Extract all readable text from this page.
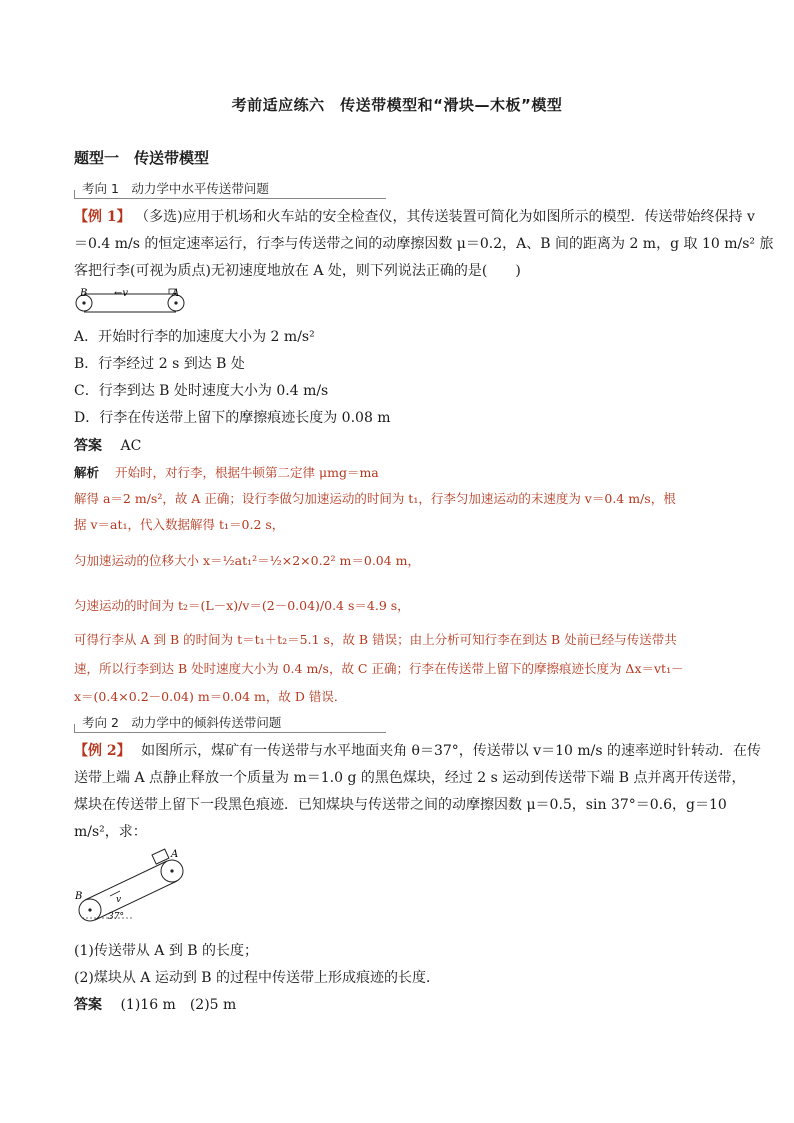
考前适应练六　传送带模型和“滑块—木板”模型
题型一　传送带模型
考向 1　动力学中水平传送带问题
【例 1】 （多选)应用于机场和火车站的安全检查仪，其传送装置可简化为如图所示的模型．传送带始终保持 v
＝0.4 m/s 的恒定速率运行，行李与传送带之间的动摩擦因数 μ＝0.2，A、B 间的距离为 2 m，g 取 10 m/s² 旅
客把行李(可视为质点)无初速度地放在 A 处，则下列说法正确的是(　　)
B	A
←v
A．开始时行李的加速度大小为 2 m/s²
B．行李经过 2 s 到达 B 处
C．行李到达 B 处时速度大小为 0.4 m/s
D．行李在传送带上留下的摩擦痕迹长度为 0.08 m
答案 AC
解析 开始时，对行李，根据牛顿第二定律 μmg＝ma
解得 a＝2 m/s²，故 A 正确；设行李做匀加速运动的时间为 t₁，行李匀加速运动的末速度为 v＝0.4 m/s，根
据 v＝at₁，代入数据解得 t₁＝0.2 s，
匀加速运动的位移大小 x＝½at₁²＝½×2×0.2² m＝0.04 m，
匀速运动的时间为 t₂＝(L－x)/v＝(2－0.04)/0.4 s＝4.9 s，
可得行李从 A 到 B 的时间为 t＝t₁＋t₂＝5.1 s，故 B 错误；由上分析可知行李在到达 B 处前已经与传送带共
速，所以行李到达 B 处时速度大小为 0.4 m/s，故 C 正确；行李在传送带上留下的摩擦痕迹长度为 Δx＝vt₁－
x＝(0.4×0.2－0.04) m＝0.04 m，故 D 错误．
考向 2　动力学中的倾斜传送带问题
【例 2】 如图所示，煤矿有一传送带与水平地面夹角 θ＝37°，传送带以 v＝10 m/s 的速率逆时针转动．在传
送带上端 A 点静止释放一个质量为 m＝1.0 g 的黑色煤块，经过 2 s 运动到传送带下端 B 点并离开传送带，
煤块在传送带上留下一段黑色痕迹．已知煤块与传送带之间的动摩擦因数 μ＝0.5，sin 37°＝0.6，g＝10
m/s²，求：
A
B	v
37°
(1)传送带从 A 到 B 的长度；
(2)煤块从 A 运动到 B 的过程中传送带上形成痕迹的长度．
答案 (1)16 m　(2)5 m
